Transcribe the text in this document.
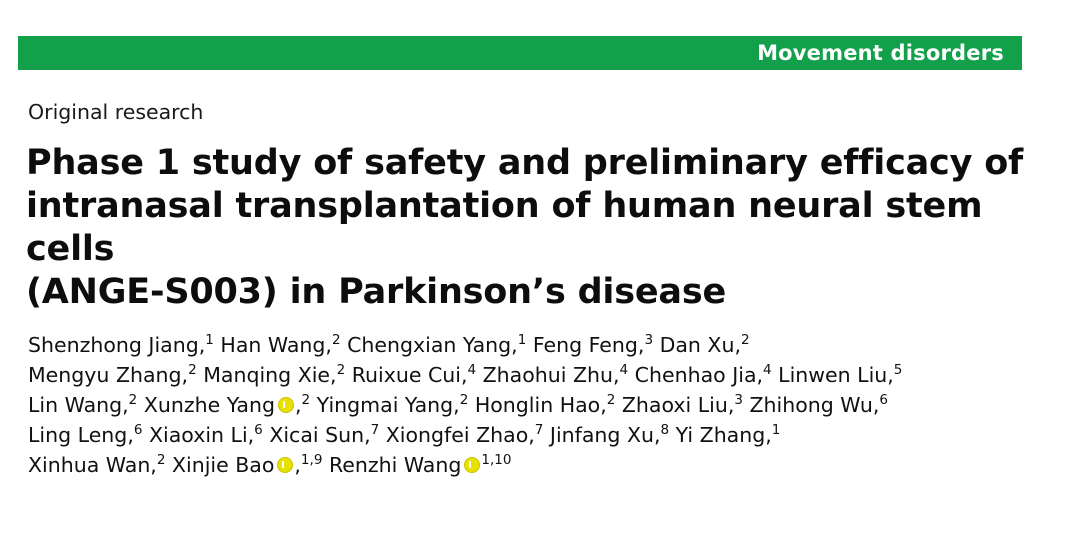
Movement disorders
Original research
Phase 1 study of safety and preliminary efficacy of
intranasal transplantation of human neural stem cells
(ANGE-S003) in Parkinson’s disease
Shenzhong Jiang,$^1$ Han Wang,$^2$ Chengxian Yang,$^1$ Feng Feng,$^3$ Dan Xu,$^2$
Mengyu Zhang,$^2$ Manqing Xie,$^2$ Ruixue Cui,$^4$ Zhaohui Zhu,$^4$ Chenhao Jia,$^4$ Linwen Liu,$^5$
Lin Wang,$^2$ Xunzhe Yang ,$^2$ Yingmai Yang,$^2$ Honglin Hao,$^2$ Zhaoxi Liu,$^3$ Zhihong Wu,$^6$
Ling Leng,$^6$ Xiaoxin Li,$^6$ Xicai Sun,$^7$ Xiongfei Zhao,$^7$ Jinfang Xu,$^8$ Yi Zhang,$^1$
Xinhua Wan,$^2$ Xinjie Bao ,$^{1,9}$ Renzhi Wang $^{1,10}$
